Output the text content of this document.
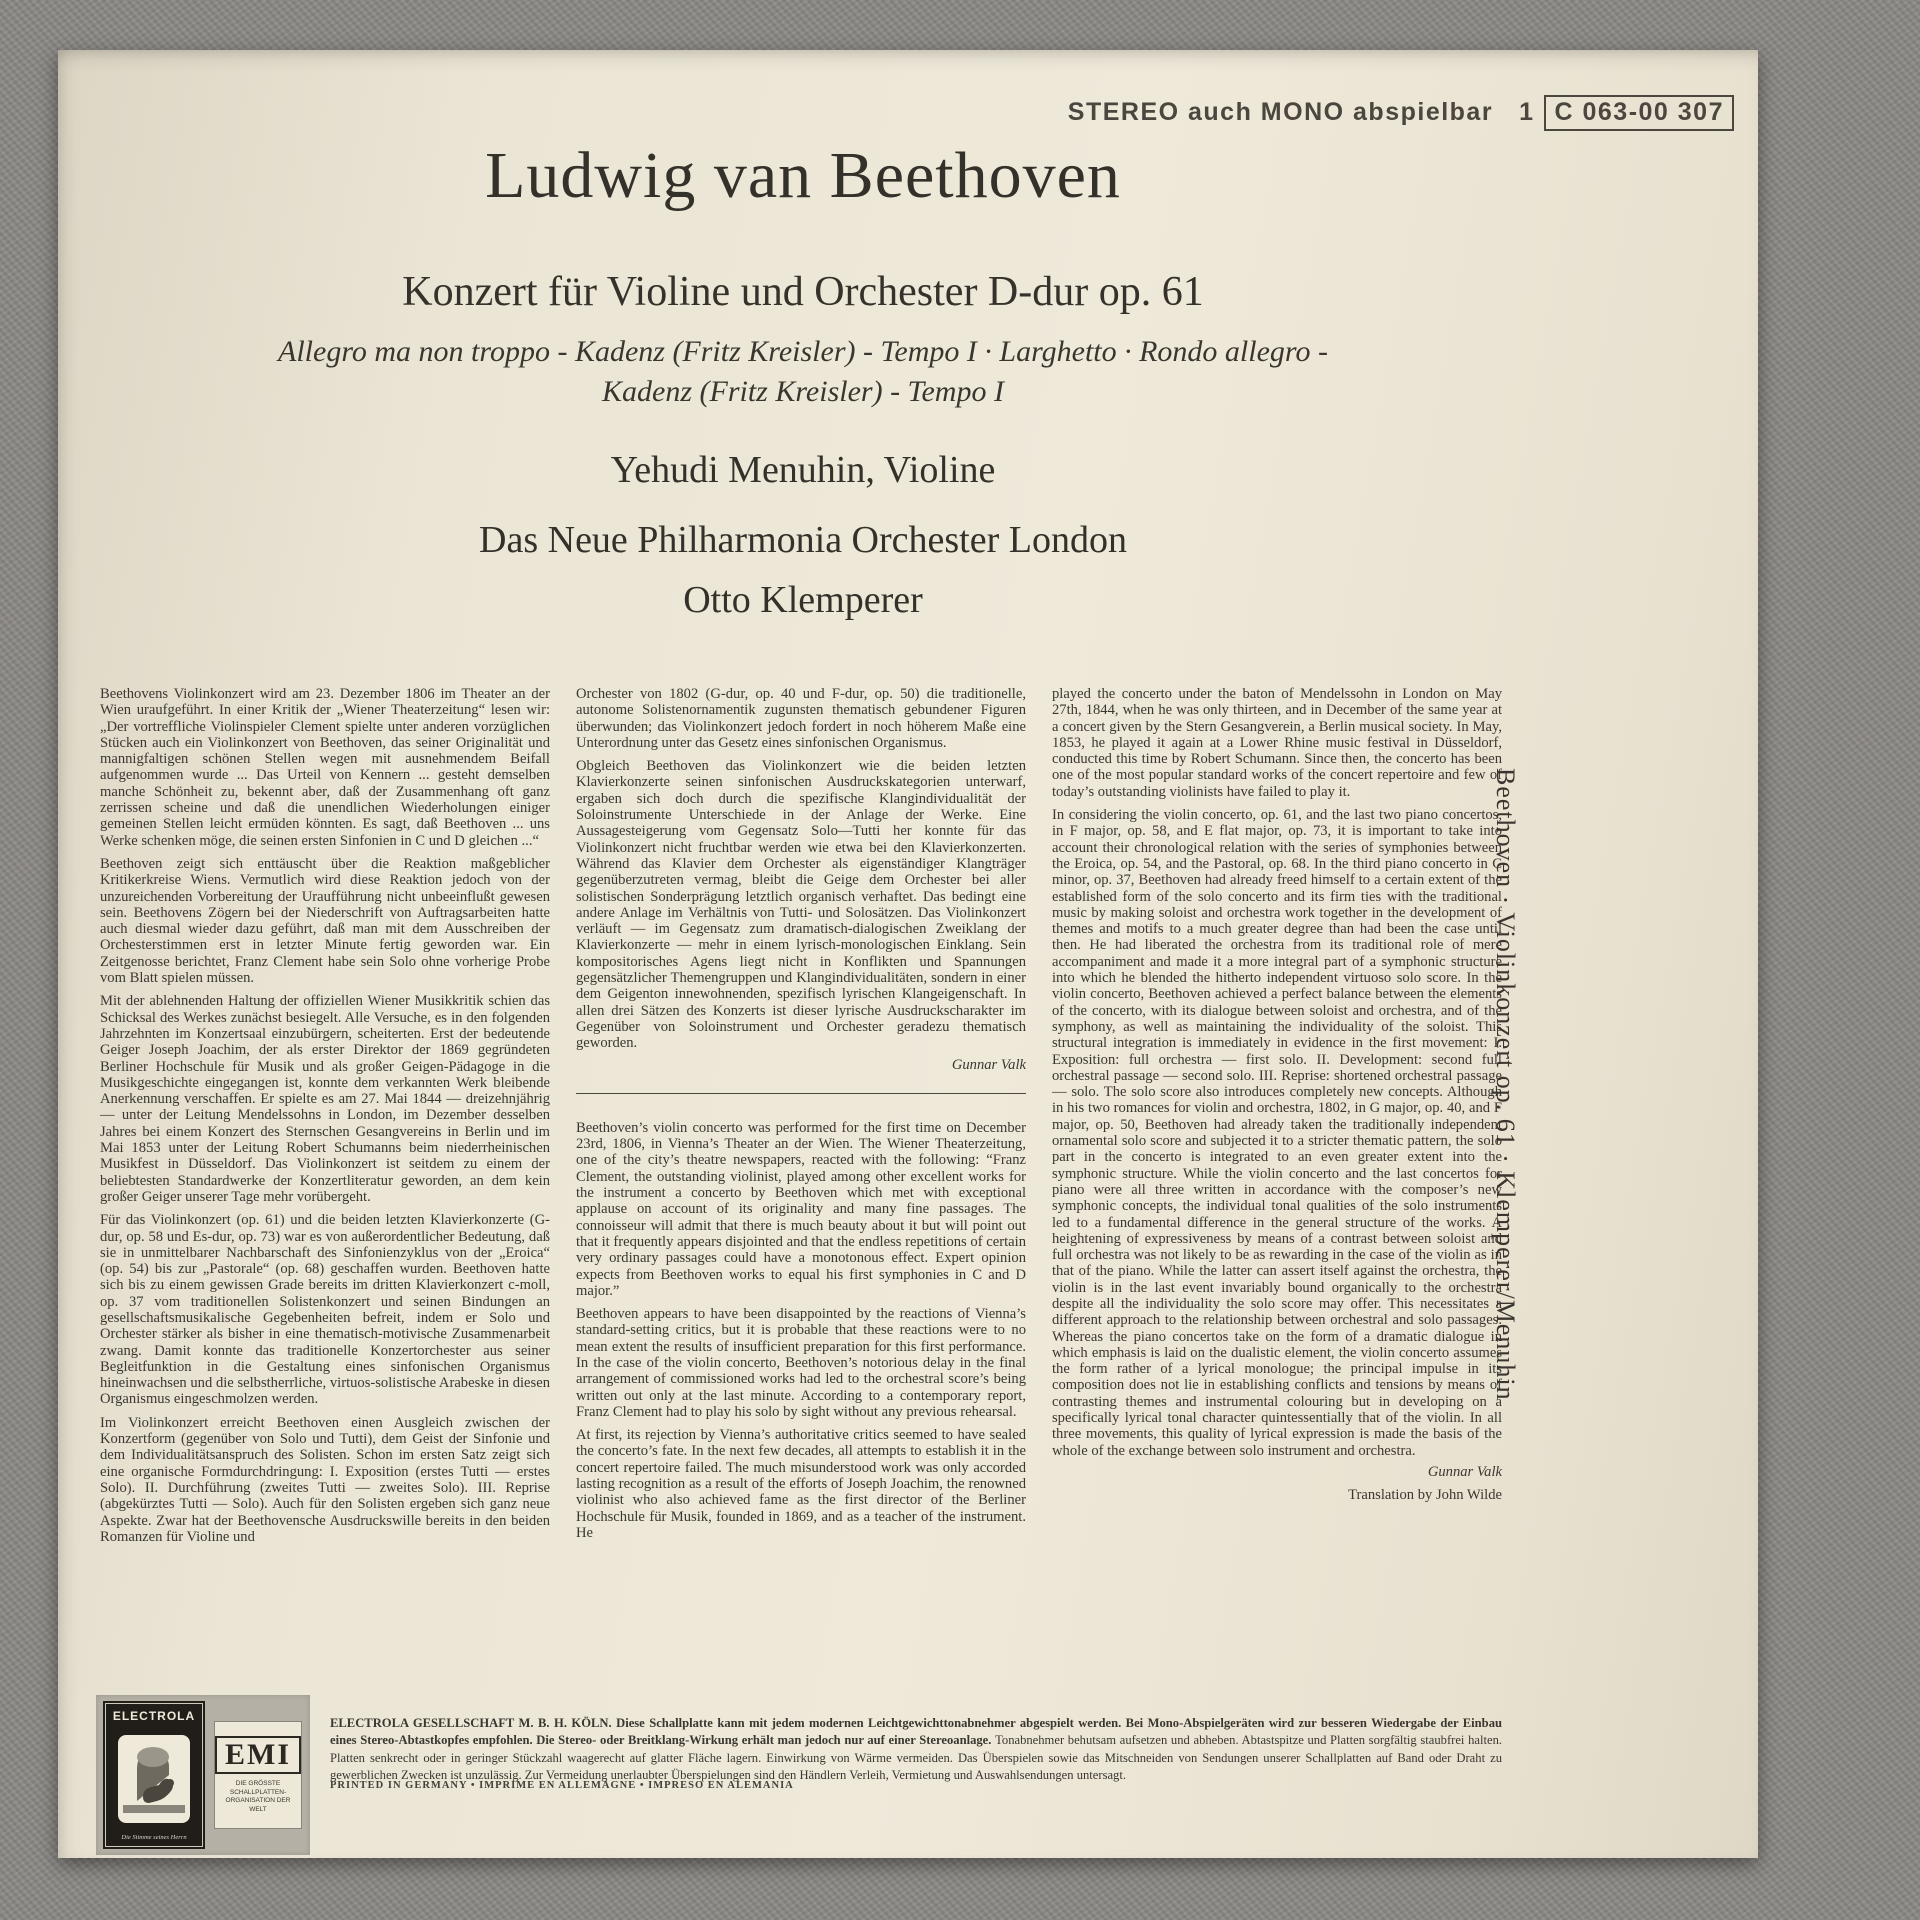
STEREO auch MONO abspielbar 1 C 063-00 307
Ludwig van Beethoven
Konzert für Violine und Orchester D-dur op. 61
Allegro ma non troppo - Kadenz (Fritz Kreisler) - Tempo I · Larghetto · Rondo allegro -
Kadenz (Fritz Kreisler) - Tempo I
Yehudi Menuhin, Violine
Das Neue Philharmonia Orchester London
Otto Klemperer

Beethovens Violinkonzert wird am 23. Dezember 1806 im Theater an der Wien uraufgeführt. In einer Kritik der „Wiener Theaterzeitung“ lesen wir: „Der vortreffliche Violinspieler Clement spielte unter anderen vorzüglichen Stücken auch ein Violinkonzert von Beethoven, das seiner Originalität und mannigfaltigen schönen Stellen wegen mit ausnehmendem Beifall aufgenommen wurde ... Das Urteil von Kennern ... gesteht demselben manche Schönheit zu, bekennt aber, daß der Zusammenhang oft ganz zerrissen scheine und daß die unendlichen Wiederholungen einiger gemeinen Stellen leicht ermüden könnten. Es sagt, daß Beethoven ... uns Werke schenken möge, die seinen ersten Sinfonien in C und D gleichen ...“

Beethoven zeigt sich enttäuscht über die Reaktion maßgeblicher Kritikerkreise Wiens. Vermutlich wird diese Reaktion jedoch von der unzureichenden Vorbereitung der Uraufführung nicht unbeeinflußt gewesen sein. Beethovens Zögern bei der Niederschrift von Auftragsarbeiten hatte auch diesmal wieder dazu geführt, daß man mit dem Ausschreiben der Orchesterstimmen erst in letzter Minute fertig geworden war. Ein Zeitgenosse berichtet, Franz Clement habe sein Solo ohne vorherige Probe vom Blatt spielen müssen.

Mit der ablehnenden Haltung der offiziellen Wiener Musikkritik schien das Schicksal des Werkes zunächst besiegelt. Alle Versuche, es in den folgenden Jahrzehnten im Konzertsaal einzubürgern, scheiterten. Erst der bedeutende Geiger Joseph Joachim, der als erster Direktor der 1869 gegründeten Berliner Hochschule für Musik und als großer Geigen-Pädagoge in die Musikgeschichte eingegangen ist, konnte dem verkannten Werk bleibende Anerkennung verschaffen. Er spielte es am 27. Mai 1844 — dreizehnjährig — unter der Leitung Mendelssohns in London, im Dezember desselben Jahres bei einem Konzert des Sternschen Gesangvereins in Berlin und im Mai 1853 unter der Leitung Robert Schumanns beim niederrheinischen Musikfest in Düsseldorf. Das Violinkonzert ist seitdem zu einem der beliebtesten Standardwerke der Konzertliteratur geworden, an dem kein großer Geiger unserer Tage mehr vorübergeht.

Für das Violinkonzert (op. 61) und die beiden letzten Klavierkonzerte (G-dur, op. 58 und Es-dur, op. 73) war es von außerordentlicher Bedeutung, daß sie in unmittelbarer Nachbarschaft des Sinfonienzyklus von der „Eroica“ (op. 54) bis zur „Pastorale“ (op. 68) geschaffen wurden. Beethoven hatte sich bis zu einem gewissen Grade bereits im dritten Klavierkonzert c-moll, op. 37 vom traditionellen Solistenkonzert und seinen Bindungen an gesellschaftsmusikalische Gegebenheiten befreit, indem er Solo und Orchester stärker als bisher in eine thematisch-motivische Zusammenarbeit zwang. Damit konnte das traditionelle Konzertorchester aus seiner Begleitfunktion in die Gestaltung eines sinfonischen Organismus hineinwachsen und die selbstherrliche, virtuos-solistische Arabeske in diesen Organismus eingeschmolzen werden.

Im Violinkonzert erreicht Beethoven einen Ausgleich zwischen der Konzertform (gegenüber von Solo und Tutti), dem Geist der Sinfonie und dem Individualitätsanspruch des Solisten. Schon im ersten Satz zeigt sich eine organische Formdurchdringung: I. Exposition (erstes Tutti — erstes Solo). II. Durchführung (zweites Tutti — zweites Solo). III. Reprise (abgekürztes Tutti — Solo). Auch für den Solisten ergeben sich ganz neue Aspekte. Zwar hat der Beethovensche Ausdruckswille bereits in den beiden Romanzen für Violine und

Orchester von 1802 (G-dur, op. 40 und F-dur, op. 50) die traditionelle, autonome Solistenornamentik zugunsten thematisch gebundener Figuren überwunden; das Violinkonzert jedoch fordert in noch höherem Maße eine Unterordnung unter das Gesetz eines sinfonischen Organismus.

Obgleich Beethoven das Violinkonzert wie die beiden letzten Klavierkonzerte seinen sinfonischen Ausdruckskategorien unterwarf, ergaben sich doch durch die spezifische Klangindividualität der Soloinstrumente Unterschiede in der Anlage der Werke. Eine Aussagesteigerung vom Gegensatz Solo—Tutti her konnte für das Violinkonzert nicht fruchtbar werden wie etwa bei den Klavierkonzerten. Während das Klavier dem Orchester als eigenständiger Klangträger gegenüberzutreten vermag, bleibt die Geige dem Orchester bei aller solistischen Sonderprägung letztlich organisch verhaftet. Das bedingt eine andere Anlage im Verhältnis von Tutti- und Solosätzen. Das Violinkonzert verläuft — im Gegensatz zum dramatisch-dialogischen Zweiklang der Klavierkonzerte — mehr in einem lyrisch-monologischen Einklang. Sein kompositorisches Agens liegt nicht in Konflikten und Spannungen gegensätzlicher Themengruppen und Klangindividualitäten, sondern in einer dem Geigenton innewohnenden, spezifisch lyrischen Klangeigenschaft. In allen drei Sätzen des Konzerts ist dieser lyrische Ausdruckscharakter im Gegenüber von Soloinstrument und Orchester geradezu thematisch geworden.

Gunnar Valk

Beethoven’s violin concerto was performed for the first time on December 23rd, 1806, in Vienna’s Theater an der Wien. The Wiener Theaterzeitung, one of the city’s theatre newspapers, reacted with the following: “Franz Clement, the outstanding violinist, played among other excellent works for the instrument a concerto by Beethoven which met with exceptional applause on account of its originality and many fine passages. The connoisseur will admit that there is much beauty about it but will point out that it frequently appears disjointed and that the endless repetitions of certain very ordinary passages could have a monotonous effect. Expert opinion expects from Beethoven works to equal his first symphonies in C and D major.”

Beethoven appears to have been disappointed by the reactions of Vienna’s standard-setting critics, but it is probable that these reactions were to no mean extent the results of insufficient preparation for this first performance. In the case of the violin concerto, Beethoven’s notorious delay in the final arrangement of commissioned works had led to the orchestral score’s being written out only at the last minute. According to a contemporary report, Franz Clement had to play his solo by sight without any previous rehearsal.

At first, its rejection by Vienna’s authoritative critics seemed to have sealed the concerto’s fate. In the next few decades, all attempts to establish it in the concert repertoire failed. The much misunderstood work was only accorded lasting recognition as a result of the efforts of Joseph Joachim, the renowned violinist who also achieved fame as the first director of the Berliner Hochschule für Musik, founded in 1869, and as a teacher of the instrument. He

played the concerto under the baton of Mendelssohn in London on May 27th, 1844, when he was only thirteen, and in December of the same year at a concert given by the Stern Gesangverein, a Berlin musical society. In May, 1853, he played it again at a Lower Rhine music festival in Düsseldorf, conducted this time by Robert Schumann. Since then, the concerto has been one of the most popular standard works of the concert repertoire and few of today’s outstanding violinists have failed to play it.

In considering the violin concerto, op. 61, and the last two piano concertos, in F major, op. 58, and E flat major, op. 73, it is important to take into account their chronological relation with the series of symphonies between the Eroica, op. 54, and the Pastoral, op. 68. In the third piano concerto in C minor, op. 37, Beethoven had already freed himself to a certain extent of the established form of the solo concerto and its firm ties with the traditional music by making soloist and orchestra work together in the development of themes and motifs to a much greater degree than had been the case until then. He had liberated the orchestra from its traditional role of mere accompaniment and made it a more integral part of a symphonic structure into which he blended the hitherto independent virtuoso solo score. In the violin concerto, Beethoven achieved a perfect balance between the elements of the concerto, with its dialogue between soloist and orchestra, and of the symphony, as well as maintaining the individuality of the soloist. This structural integration is immediately in evidence in the first movement: I. Exposition: full orchestra — first solo. II. Development: second full orchestral passage — second solo. III. Reprise: shortened orchestral passage — solo. The solo score also introduces completely new concepts. Although in his two romances for violin and orchestra, 1802, in G major, op. 40, and F major, op. 50, Beethoven had already taken the traditionally independent ornamental solo score and subjected it to a stricter thematic pattern, the solo part in the concerto is integrated to an even greater extent into the symphonic structure. While the violin concerto and the last concertos for piano were all three written in accordance with the composer’s new symphonic concepts, the individual tonal qualities of the solo instruments led to a fundamental difference in the general structure of the works. A heightening of expressiveness by means of a contrast between soloist and full orchestra was not likely to be as rewarding in the case of the violin as in that of the piano. While the latter can assert itself against the orchestra, the violin is in the last event invariably bound organically to the orchestra despite all the individuality the solo score may offer. This necessitates a different approach to the relationship between orchestral and solo passages. Whereas the piano concertos take on the form of a dramatic dialogue in which emphasis is laid on the dualistic element, the violin concerto assumes the form rather of a lyrical monologue; the principal impulse in its composition does not lie in establishing conflicts and tensions by means of contrasting themes and instrumental colouring but in developing on a specifically lyrical tonal character quintessentially that of the violin. In all three movements, this quality of lyrical expression is made the basis of the whole of the exchange between solo instrument and orchestra.

Gunnar Valk

Translation by John Wilde

Beethoven · Violinkonzert op. 61 · Klemperer/Menuhin
ELECTROLA
Die Stimme seines Herrn
EMI
DIE GRÖSSTE SCHALLPLATTEN-ORGANISATION DER WELT

ELECTROLA GESELLSCHAFT M. B. H. KÖLN. Diese Schallplatte kann mit jedem modernen Leichtgewichttonabnehmer abgespielt werden. Bei Mono-Abspielgeräten wird zur besseren Wiedergabe der Einbau eines Stereo-Abtastkopfes empfohlen. Die Stereo- oder Breitklang-Wirkung erhält man jedoch nur auf einer Stereoanlage. Tonabnehmer behutsam aufsetzen und abheben. Abtastspitze und Platten sorgfältig staubfrei halten. Platten senkrecht oder in geringer Stückzahl waagerecht auf glatter Fläche lagern. Einwirkung von Wärme vermeiden. Das Überspielen sowie das Mitschneiden von Sendungen unserer Schallplatten auf Band oder Draht zu gewerblichen Zwecken ist unzulässig. Zur Vermeidung unerlaubter Überspielungen sind den Händlern Verleih, Vermietung und Auswahlsendungen untersagt.

PRINTED IN GERMANY • IMPRIME EN ALLEMAGNE • IMPRESO EN ALEMANIA
